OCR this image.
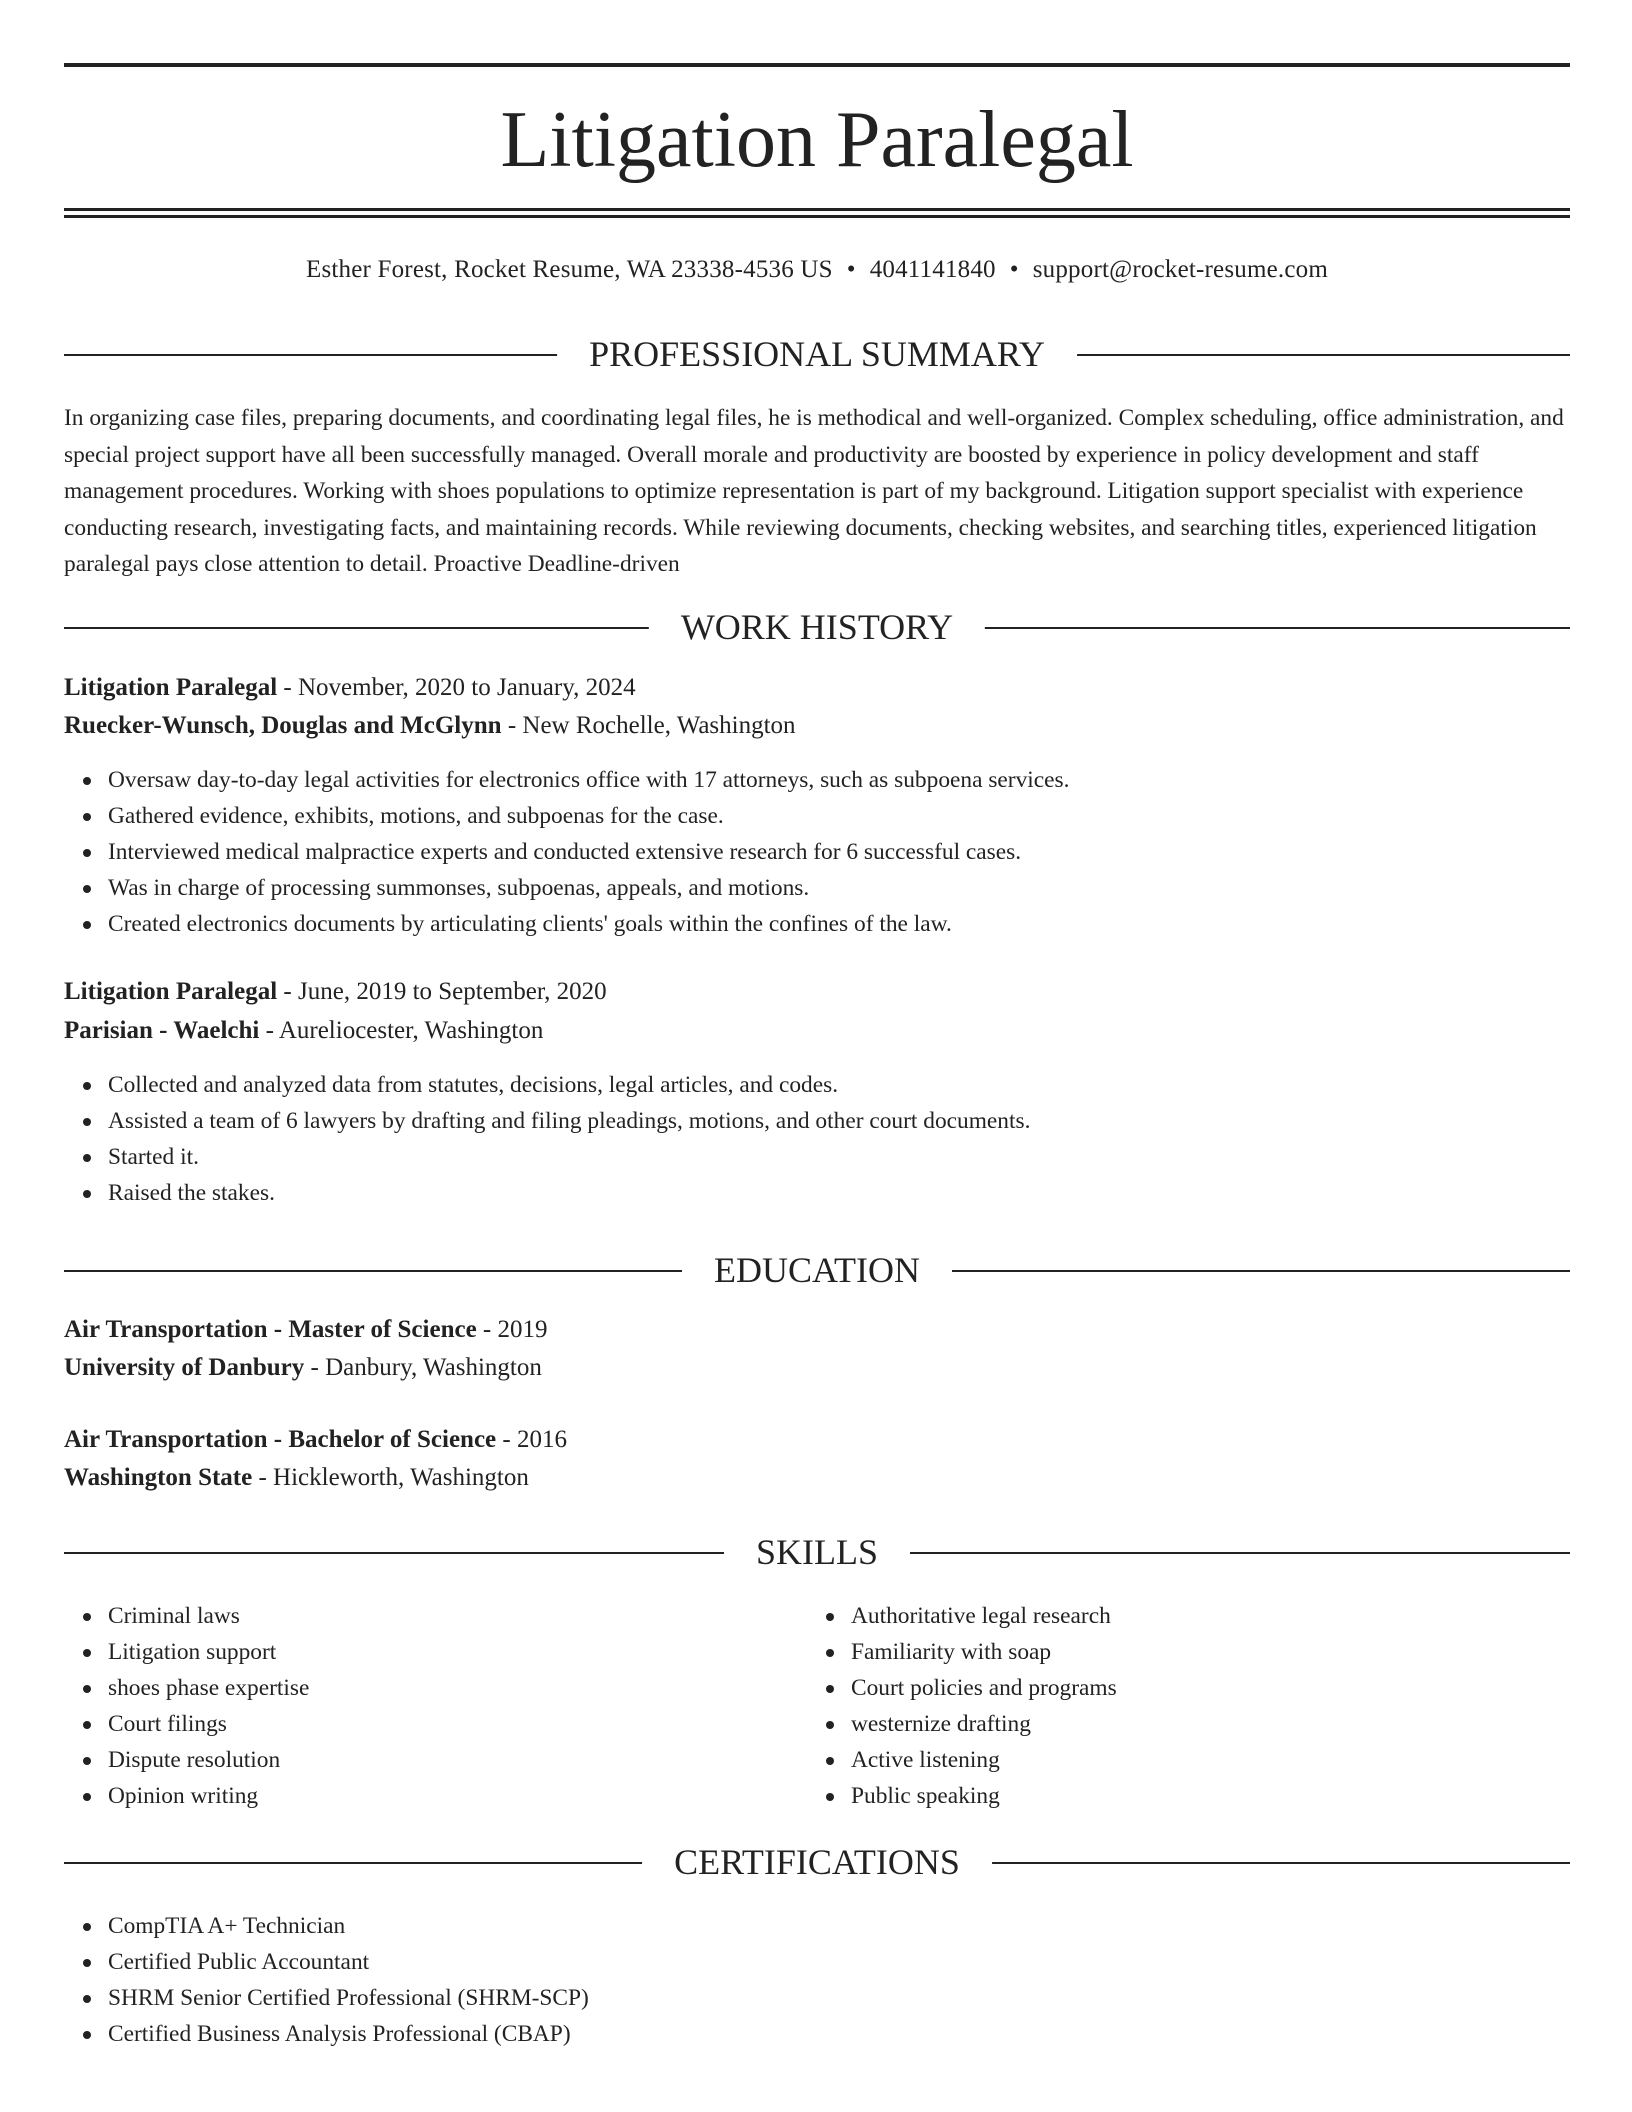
Litigation Paralegal
Esther Forest, Rocket Resume, WA 23338-4536 US • 4041141840 • support@rocket-resume.com
PROFESSIONAL SUMMARY

In organizing case files, preparing documents, and coordinating legal files, he is methodical and well-organized. Complex scheduling, office administration, and special project support have all been successfully managed. Overall morale and productivity are boosted by experience in policy development and staff management procedures. Working with shoes populations to optimize representation is part of my background. Litigation support specialist with experience conducting research, investigating facts, and maintaining records. While reviewing documents, checking websites, and searching titles, experienced litigation paralegal pays close attention to detail. Proactive Deadline-driven

WORK HISTORY
Litigation Paralegal - November, 2020 to January, 2024
Ruecker-Wunsch, Douglas and McGlynn - New Rochelle, Washington
Oversaw day-to-day legal activities for electronics office with 17 attorneys, such as subpoena services.
Gathered evidence, exhibits, motions, and subpoenas for the case.
Interviewed medical malpractice experts and conducted extensive research for 6 successful cases.
Was in charge of processing summonses, subpoenas, appeals, and motions.
Created electronics documents by articulating clients' goals within the confines of the law.
Litigation Paralegal - June, 2019 to September, 2020
Parisian - Waelchi - Aureliocester, Washington
Collected and analyzed data from statutes, decisions, legal articles, and codes.
Assisted a team of 6 lawyers by drafting and filing pleadings, motions, and other court documents.
Started it.
Raised the stakes.
EDUCATION
Air Transportation - Master of Science - 2019
University of Danbury - Danbury, Washington
Air Transportation - Bachelor of Science - 2016
Washington State - Hickleworth, Washington
SKILLS
Criminal laws
Litigation support
shoes phase expertise
Court filings
Dispute resolution
Opinion writing
Authoritative legal research
Familiarity with soap
Court policies and programs
westernize drafting
Active listening
Public speaking
CERTIFICATIONS
CompTIA A+ Technician
Certified Public Accountant
SHRM Senior Certified Professional (SHRM-SCP)
Certified Business Analysis Professional (CBAP)
